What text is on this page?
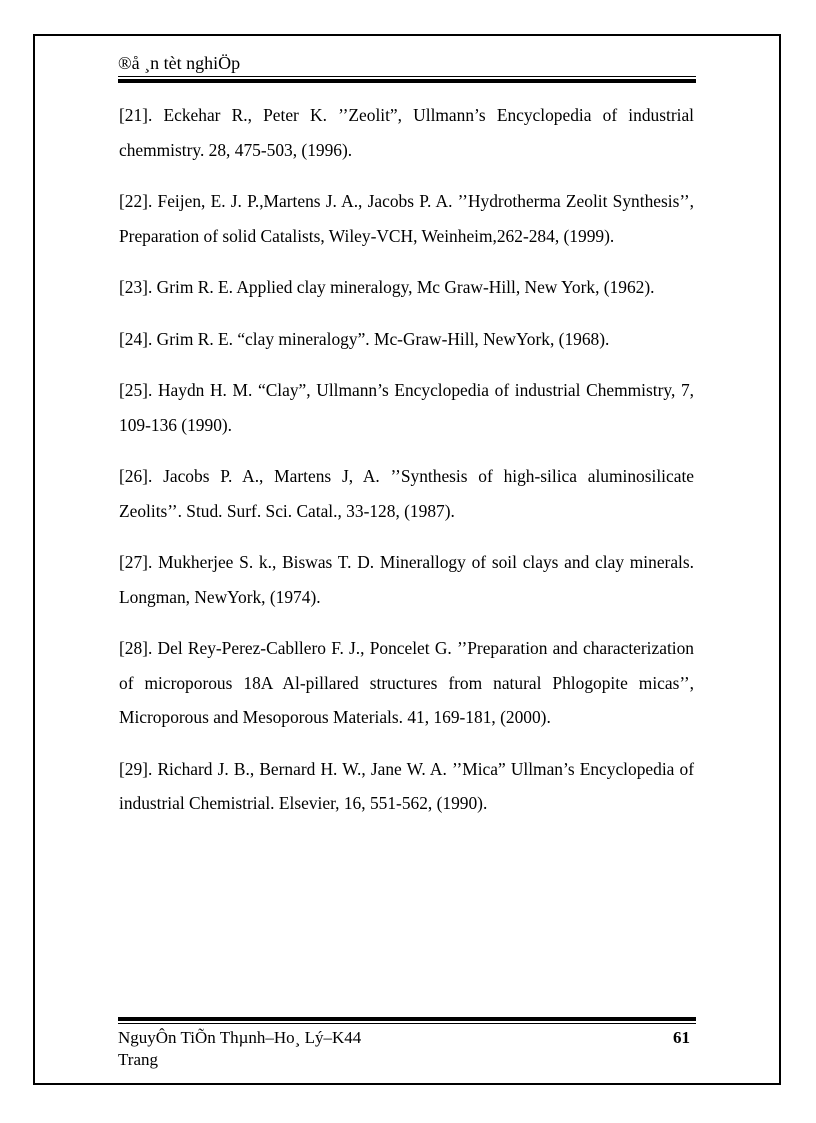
®å ¸n tèt nghiÖp

[21]. Eckehar R., Peter K. ’’Zeolit”, Ullmann’s Encyclopedia of industrial chemmistry. 28, 475-503, (1996).

[22]. Feijen, E. J. P.,Martens J. A., Jacobs P. A. ’’Hydrotherma Zeolit Synthesis’’, Preparation of solid Catalists, Wiley-VCH, Weinheim,262-284, (1999).

[23]. Grim R. E. Applied clay mineralogy, Mc Graw-Hill, New York, (1962).

[24]. Grim R. E. “clay mineralogy”. Mc-Graw-Hill, NewYork, (1968).

[25]. Haydn H. M. “Clay”, Ullmann’s Encyclopedia of industrial Chemmistry, 7, 109-136 (1990).

[26]. Jacobs P. A., Martens J, A. ’’Synthesis of high-silica aluminosilicate Zeolits’’. Stud. Surf. Sci. Catal., 33-128, (1987).

[27]. Mukherjee S. k., Biswas T. D. Minerallogy of soil clays and clay minerals. Longman, NewYork, (1974).

[28]. Del Rey-Perez-Cabllero F. J., Poncelet G. ’’Preparation and characterization of microporous 18A Al-pillared structures from natural Phlogopite micas’’, Microporous and Mesoporous Materials. 41, 169-181, (2000).

[29]. Richard J. B., Bernard H. W., Jane W. A. ’’Mica” Ullman’s Encyclopedia of industrial Chemistrial. Elsevier, 16, 551-562, (1990).

NguyÔn TiÕn Thµnh–Ho¸ Lý–K44
Trang
61
